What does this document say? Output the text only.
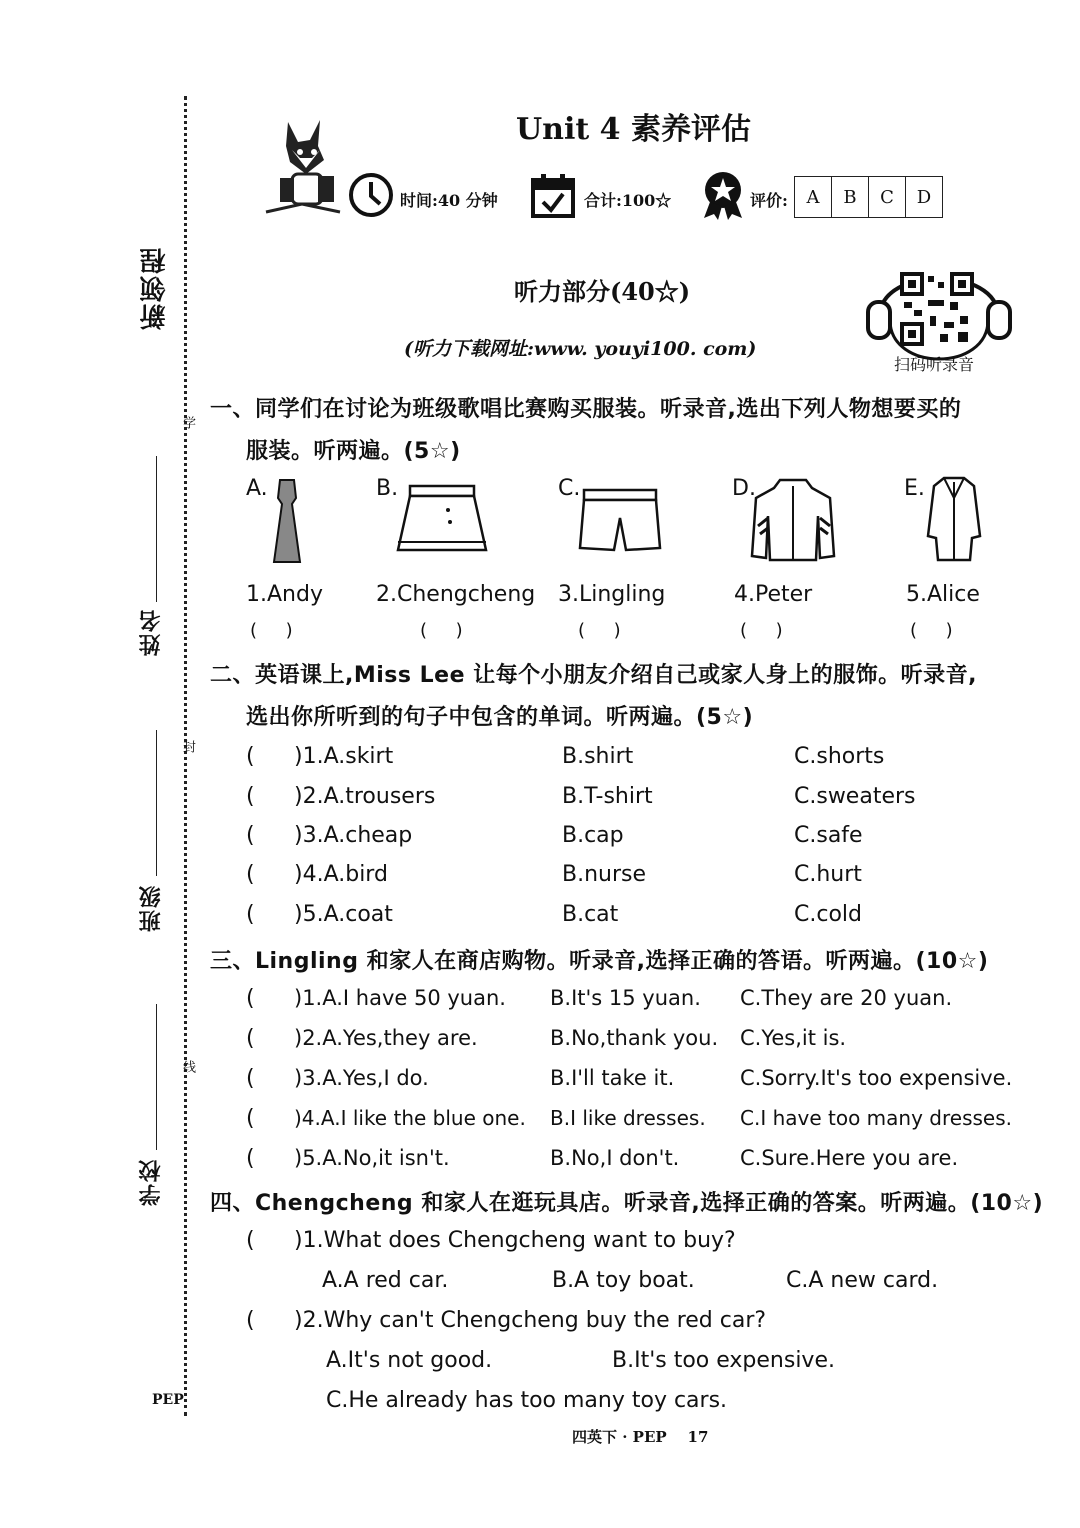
新领程
学
封
线
姓名
班级
学校
PEP
Unit 4 素养评估
时间:40 分钟	合计:100☆	评价:	A	B	C	D
听力部分(40☆)
(听力下载网址:www. youyi100. com)
扫码听录音
一、同学们在讨论为班级歌唱比赛购买服装。听录音,选出下列人物想要买的
服装。听两遍。(5☆)
A.	B.	C.	D.	E.
1.Andy 2.Chengcheng 3.Lingling	4.Peter	5.Alice
(     )	(     )	(     )	(     )	(     )
二、英语课上,Miss Lee 让每个小朋友介绍自己或家人身上的服饰。听录音,
选出你所听到的句子中包含的单词。听两遍。(5☆)
( )1.A.skirt	B.shirt	C.shorts
( )2.A.trousers	B.T-shirt	C.sweaters
( )3.A.cheap	B.cap	C.safe
( )4.A.bird	B.nurse	C.hurt
( )5.A.coat	B.cat	C.cold
三、Lingling 和家人在商店购物。听录音,选择正确的答语。听两遍。(10☆)
( )1.A.I have 50 yuan. B.It's 15 yuan. C.They are 20 yuan.
( )2.A.Yes,they are.	B.No,thank you. C.Yes,it is.
( )3.A.Yes,I do.	B.I'll take it.	C.Sorry.It's too expensive.
( )4.A.I like the blue one. B.I like dresses. C.I have too many dresses.
( )5.A.No,it isn't.	B.No,I don't.	C.Sure.Here you are.
四、Chengcheng 和家人在逛玩具店。听录音,选择正确的答案。听两遍。(10☆)
( )1.What does Chengcheng want to buy?
A.A red car.	B.A toy boat.	C.A new card.
( )2.Why can't Chengcheng buy the red car?
A.It's not good.	B.It's too expensive.
C.He already has too many toy cars.
四英下 · PEP    17
